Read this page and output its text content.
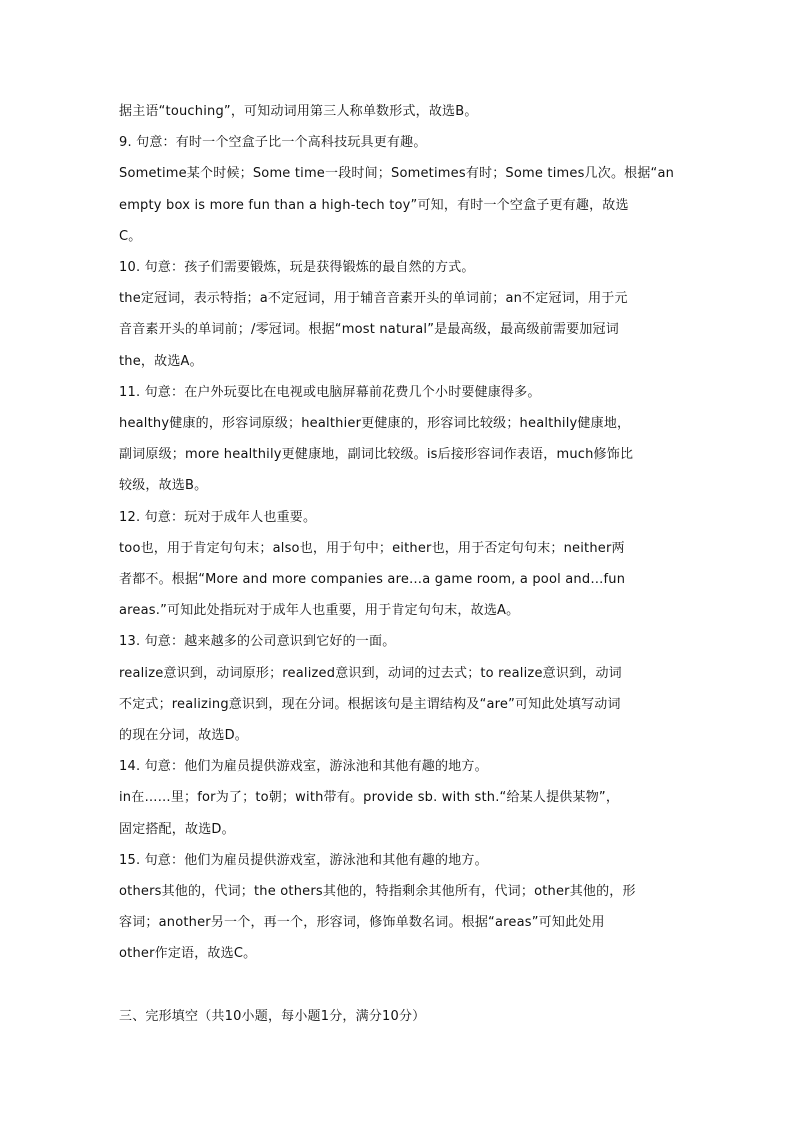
据主语“touching”，可知动词用第三人称单数形式，故选B。
9. 句意：有时一个空盒子比一个高科技玩具更有趣。
Sometime某个时候；Some time一段时间；Sometimes有时；Some times几次。根据“an
empty box is more fun than a high-tech toy”可知，有时一个空盒子更有趣，故选
C。
10. 句意：孩子们需要锻炼，玩是获得锻炼的最自然的方式。
the定冠词，表示特指；a不定冠词，用于辅音音素开头的单词前；an不定冠词，用于元
音音素开头的单词前；/零冠词。根据“most natural”是最高级，最高级前需要加冠词
the，故选A。
11. 句意：在户外玩耍比在电视或电脑屏幕前花费几个小时要健康得多。
healthy健康的，形容词原级；healthier更健康的，形容词比较级；healthily健康地，
副词原级；more healthily更健康地，副词比较级。is后接形容词作表语，much修饰比
较级，故选B。
12. 句意：玩对于成年人也重要。
too也，用于肯定句句末；also也，用于句中；either也，用于否定句句末；neither两
者都不。根据“More and more companies are…a game room, a pool and…fun
areas.”可知此处指玩对于成年人也重要，用于肯定句句末，故选A。
13. 句意：越来越多的公司意识到它好的一面。
realize意识到，动词原形；realized意识到，动词的过去式；to realize意识到，动词
不定式；realizing意识到，现在分词。根据该句是主谓结构及“are”可知此处填写动词
的现在分词，故选D。
14. 句意：他们为雇员提供游戏室，游泳池和其他有趣的地方。
in在……里；for为了；to朝；with带有。provide sb. with sth.“给某人提供某物”，
固定搭配，故选D。
15. 句意：他们为雇员提供游戏室，游泳池和其他有趣的地方。
others其他的，代词；the others其他的，特指剩余其他所有，代词；other其他的，形
容词；another另一个，再一个，形容词，修饰单数名词。根据“areas”可知此处用
other作定语，故选C。
三、完形填空（共10小题，每小题1分，满分10分）
